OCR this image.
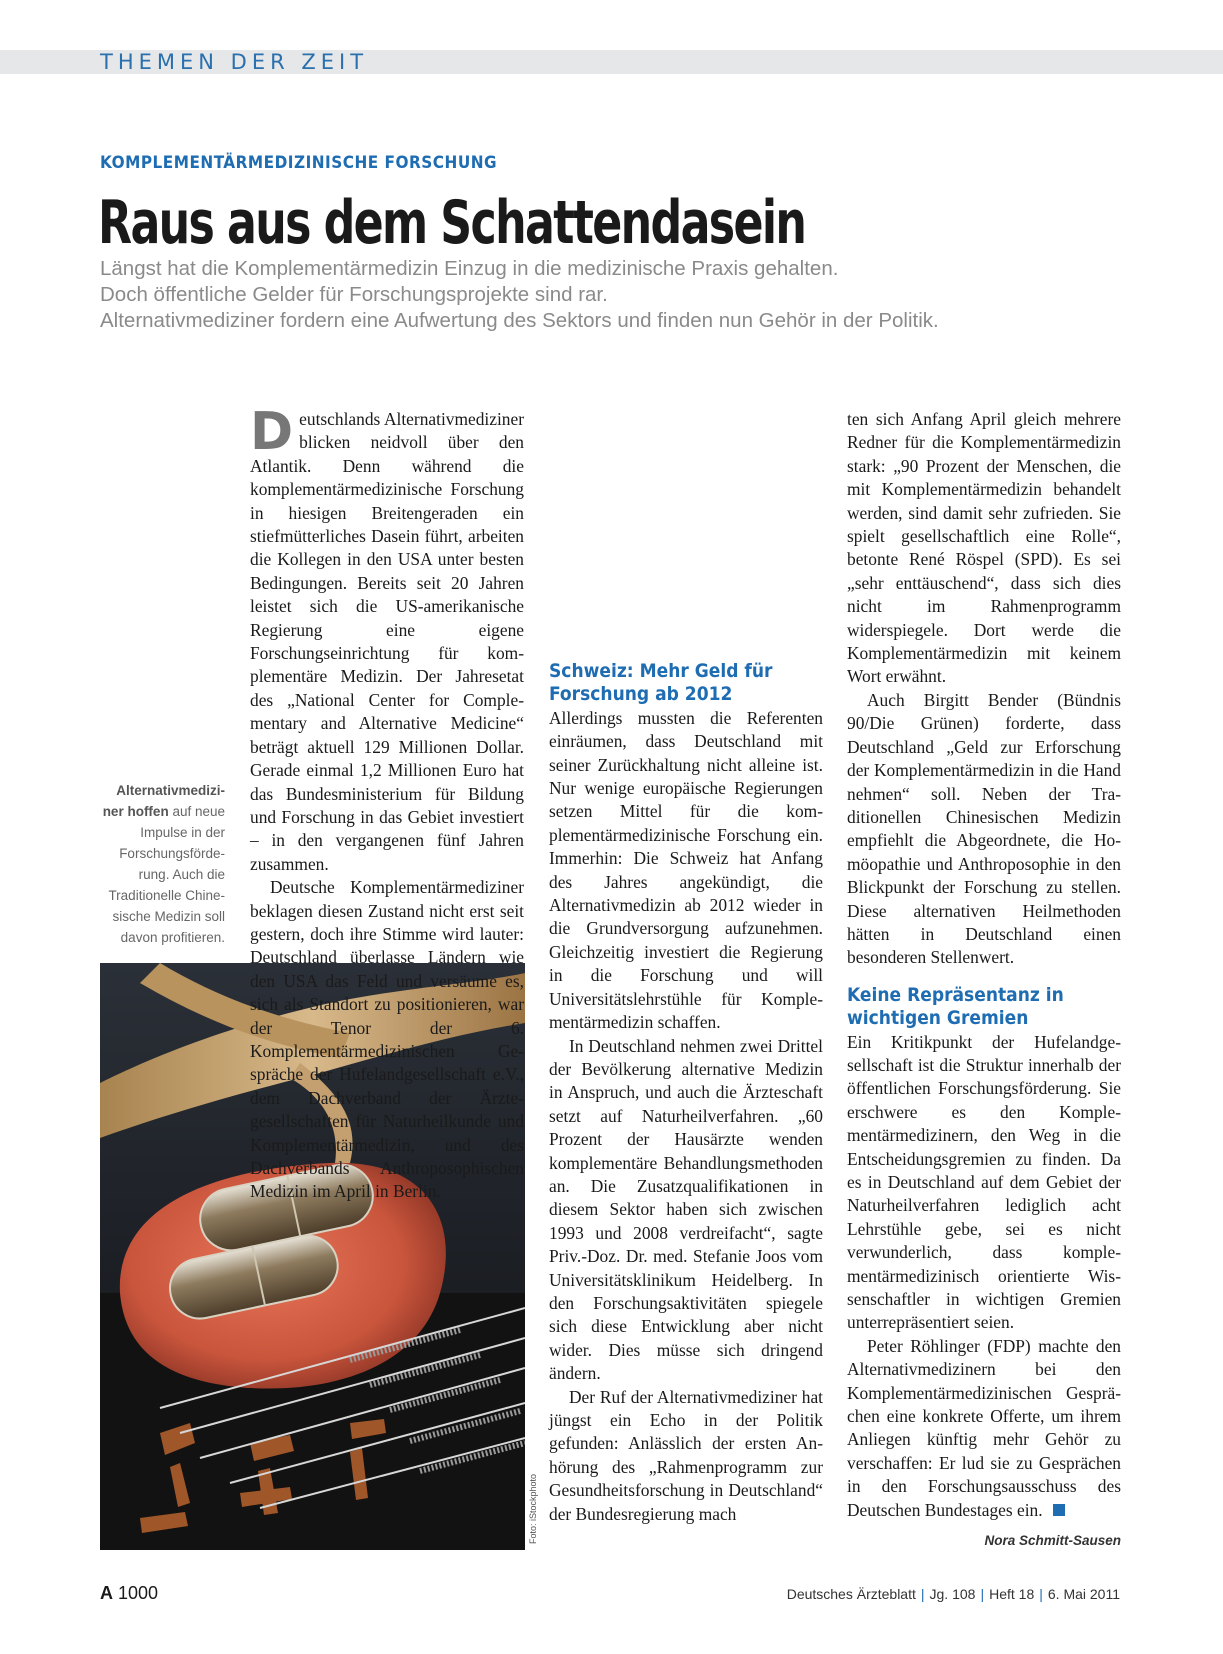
THEMEN DER ZEIT
KOMPLEMENTÄRMEDIZINISCHE FORSCHUNG
Raus aus dem Schattendasein
Längst hat die Komplementärmedizin Einzug in die medizinische Praxis gehalten.
Doch öffentliche Gelder für Forschungsprojekte sind rar.
Alternativmediziner fordern eine Aufwertung des Sektors und finden nun Gehör in der Politik.
Alternativmediziner hoffen auf neue Impulse in der Forschungsförderung. Auch die Traditionelle Chinesische Medizin soll davon profitieren.
Foto: iStockphoto

Deutschlands Alternativmediziner blicken neidvoll über den Atlantik. Denn während die komplementärmedizinische Forschung in hiesigen Breitengeraden ein stiefmütterliches Dasein führt, arbeiten die Kollegen in den USA unter besten Bedingungen. Bereits seit 20 Jahren leistet sich die US-amerikanische Regierung eine eigene Forschungseinrichtung für komplementäre Medizin. Der Jahresetat des „National Center for Complementary and Alternative Medicine“ beträgt aktuell 129 Millionen Dollar. Gerade einmal 1,2 Millionen Euro hat das Bundesministerium für Bildung und Forschung in das Gebiet investiert – in den vergangenen fünf Jahren zusammen.

Deutsche Komplementärmediziner beklagen diesen Zustand nicht erst seit gestern, doch ihre Stimme wird lauter: Deutschland überlasse Ländern wie den USA das Feld und versäume es, sich als Standort zu positionieren, war der Tenor der 6. Komplementärmedizinischen Gespräche der Hufelandgesellschaft e.V., dem Dachverband der Ärztegesellschaften für Naturheilkunde und Komplementärmedizin, und des Dachverbands Anthroposophischen Medizin im April in Berlin.

Schweiz: Mehr Geld für Forschung ab 2012

Allerdings mussten die Referenten einräumen, dass Deutschland mit seiner Zurückhaltung nicht alleine ist. Nur wenige europäische Regierungen setzen Mittel für die komplementärmedizinische Forschung ein. Immerhin: Die Schweiz hat Anfang des Jahres angekündigt, die Alternativmedizin ab 2012 wieder in die Grundversorgung aufzunehmen. Gleichzeitig investiert die Regierung in die Forschung und will Universitätslehrstühle für Komplementärmedizin schaffen.

In Deutschland nehmen zwei Drittel der Bevölkerung alternative Medizin in Anspruch, und auch die Ärzteschaft setzt auf Naturheilverfahren. „60 Prozent der Hausärzte wenden komplementäre Behandlungsmethoden an. Die Zusatzqualifikationen in diesem Sektor haben sich zwischen 1993 und 2008 verdreifacht“, sagte Priv.-Doz. Dr. med. Stefanie Joos vom Universitätsklinikum Heidelberg. In den Forschungsaktivitäten spiegele sich diese Entwicklung aber nicht wider. Dies müsse sich dringend ändern.

Der Ruf der Alternativmediziner hat jüngst ein Echo in der Politik gefunden: Anlässlich der ersten Anhörung des „Rahmenprogramm zur Gesundheitsforschung in Deutschland“ der Bundesregierung mach

ten sich Anfang April gleich mehrere Redner für die Komplementärmedizin stark: „90 Prozent der Menschen, die mit Komplementärmedizin behandelt werden, sind damit sehr zufrieden. Sie spielt gesellschaftlich eine Rolle“, betonte René Röspel (SPD). Es sei „sehr enttäuschend“, dass sich dies nicht im Rahmenprogramm widerspiegele. Dort werde die Komplementärmedizin mit keinem Wort erwähnt.

Auch Birgitt Bender (Bündnis 90/Die Grünen) forderte, dass Deutschland „Geld zur Erforschung der Komplementärmedizin in die Hand nehmen“ soll. Neben der Traditionellen Chinesischen Medizin empfiehlt die Abgeordnete, die Homöopathie und Anthroposophie in den Blickpunkt der Forschung zu stellen. Diese alternativen Heilmethoden hätten in Deutschland einen besonderen Stellenwert.

Keine Repräsentanz in wichtigen Gremien

Ein Kritikpunkt der Hufelandgesellschaft ist die Struktur innerhalb der öffentlichen Forschungsförderung. Sie erschwere es den Komplementärmedizinern, den Weg in die Entscheidungsgremien zu finden. Da es in Deutschland auf dem Gebiet der Naturheilverfahren lediglich acht Lehrstühle gebe, sei es nicht verwunderlich, dass komplementärmedizinisch orientierte Wissenschaftler in wichtigen Gremien unterrepräsentiert seien.

Peter Röhlinger (FDP) machte den Alternativmedizinern bei den Komplementärmedizinischen Gesprächen eine konkrete Offerte, um ihrem Anliegen künftig mehr Gehör zu verschaffen: Er lud sie zu Gesprächen in den Forschungsausschuss des Deutschen Bundestages ein.

Nora Schmitt-Sausen
A 1000	Deutsches Ärzteblatt | Jg. 108 | Heft 18 | 6. Mai 2011
